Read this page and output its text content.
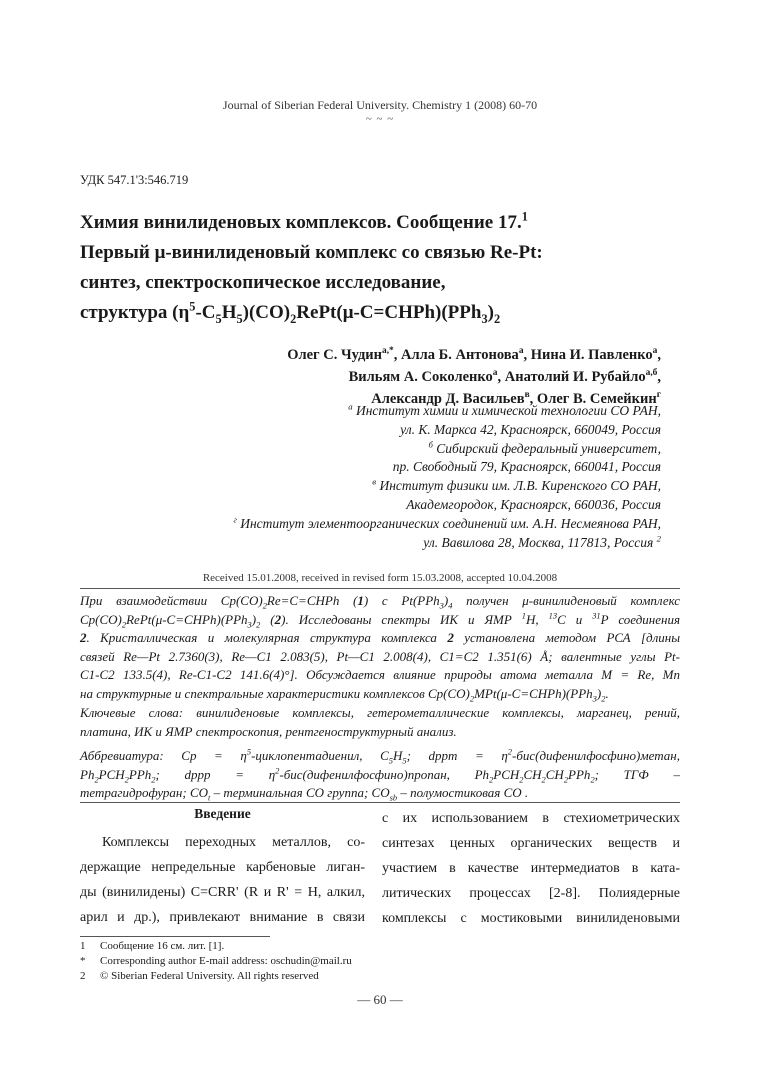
Journal of Siberian Federal University. Chemistry 1 (2008) 60-70
~ ~ ~
УДК 547.1'3:546.719
Химия винилиденовых комплексов. Сообщение 17.$^1$
Первый μ-винилиденовый комплекс со связью Re-Pt:
синтез, спектроскопическое исследование,
структура $(\eta^5-C_5H_5)(CO)_2RePt(\mu-C=CHPh)(PPh_3)_2$
Олег С. Чудин$^{а,*}$, Алла Б. Антонова$^а$, Нина И. Павленко$^а$,
Вильям А. Соколенко$^а$, Анатолий И. Рубайло$^{а,б}$,
Александр Д. Васильев$^в$, Олег В. Семейкин$^г$
$^а$ Институт химии и химической технологии СО РАН,
ул. К. Маркса 42, Красноярск, 660049, Россия
$^б$ Сибирский федеральный университет,
пр. Свободный 79, Красноярск, 660041, Россия
$^в$ Институт физики им. Л.В. Киренского СО РАН,
Академгородок, Красноярск, 660036, Россия
$^г$ Институт элементоорганических соединений им. А.Н. Несмеянова РАН,
ул. Вавилова 28, Москва, 117813, Россия $^2$
Received 15.01.2008, received in revised form 15.03.2008, accepted 10.04.2008
При взаимодействии $Cp(CO)_2Re=C=CHPh$ (1) с $Pt(PPh_3)_4$ получен μ-винилиденовый комплекс
$Cp(CO)_2RePt(\mu-C=CHPh)(PPh_3)_2$ (2). Исследованы спектры ИК и ЯМР $^1$H, $^{13}$C и $^{31}$P соединения
2. Кристаллическая и молекулярная структура комплекса 2 установлена методом РСА [длины
связей Re—Pt 2.7360(3), Re—C1 2.083(5), Pt—C1 2.008(4), C1=C2 1.351(6) Å; валентные углы Pt-
C1-C2 133.5(4), Re-C1-C2 141.6(4)°]. Обсуждается влияние природы атома металла M = Re, Mn
на структурные и спектральные характеристики комплексов $Cp(CO)_2MPt(\mu-C=CHPh)(PPh_3)_2$.
Ключевые слова: винилиденовые комплексы, гетерометаллические комплексы, марганец, рений,
платина, ИК и ЯМР спектроскопия, рентгеноструктурный анализ.
Аббревиатура: $Cp = \eta^5$-циклопентадиенил, $C_5H_5$; dppm = $\eta^2-бис(дифенилфосфино)метан$,
$Ph_2PCH_2PPh_2$; dppp = $\eta^2-бис(дифенилфосфино)пропан$, $Ph_2PCH_2CH_2CH_2PPh_2$; ТГФ –
тетрагидрофуран; $CO_t$ – терминальная CO группа; $CO_{sb}$ – полумостиковая CO .
Введение
Комплексы переходных металлов, со-
держащие непредельные карбеновые лиган-
ды (винилидены) C=CRR' (R и R' = H, алкил,
арил и др.), привлекают внимание в связи
с их использованием в стехиометрических
синтезах ценных органических веществ и
участием в качестве интермедиатов в ката-
литических процессах [2-8]. Полиядерные
комплексы с мостиковыми винилиденовыми
1	Сообщение 16 см. лит. [1].
*	Corresponding author E-mail address: oschudin@mail.ru
2	© Siberian Federal University. All rights reserved
— 60 —
